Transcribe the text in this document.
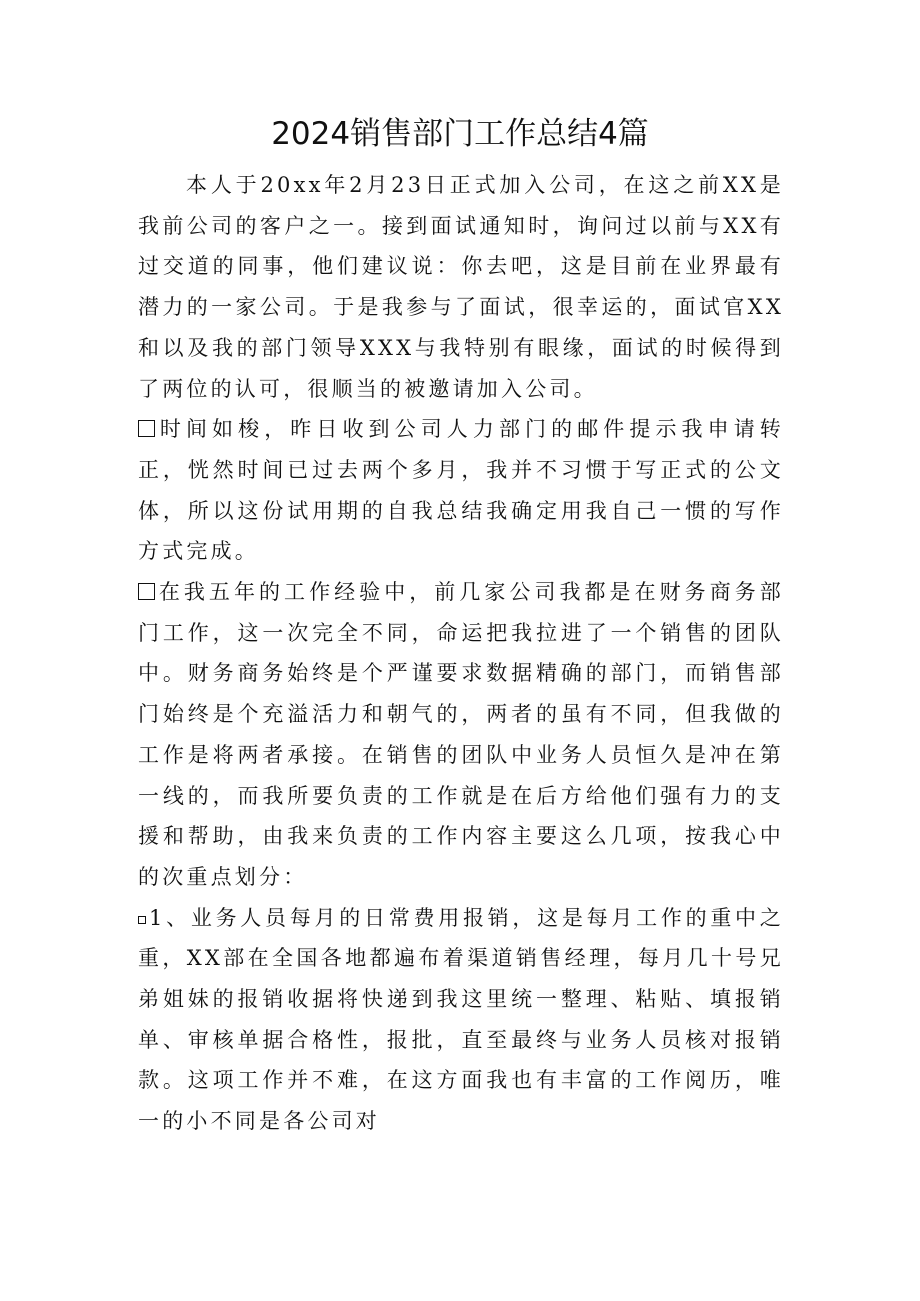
2024销售部门工作总结4篇

本人于20xx年2月23日正式加入公司，在这之前XX是我前公司的客户之一。接到面试通知时，询问过以前与XX有过交道的同事，他们建议说：你去吧，这是目前在业界最有潜力的一家公司。于是我参与了面试，很幸运的，面试官XX和以及我的部门领导XXX与我特别有眼缘，面试的时候得到了两位的认可，很顺当的被邀请加入公司。

时间如梭，昨日收到公司人力部门的邮件提示我申请转正，恍然时间已过去两个多月，我并不习惯于写正式的公文体，所以这份试用期的自我总结我确定用我自己一惯的写作方式完成。

在我五年的工作经验中，前几家公司我都是在财务商务部门工作，这一次完全不同，命运把我拉进了一个销售的团队中。财务商务始终是个严谨要求数据精确的部门，而销售部门始终是个充溢活力和朝气的，两者的虽有不同，但我做的工作是将两者承接。在销售的团队中业务人员恒久是冲在第一线的，而我所要负责的工作就是在后方给他们强有力的支援和帮助，由我来负责的工作内容主要这么几项，按我心中的次重点划分：

1、业务人员每月的日常费用报销，这是每月工作的重中之重，XX部在全国各地都遍布着渠道销售经理，每月几十号兄弟姐妹的报销收据将快递到我这里统一整理、粘贴、填报销单、审核单据合格性，报批，直至最终与业务人员核对报销款。这项工作并不难，在这方面我也有丰富的工作阅历，唯一的小不同是各公司对
